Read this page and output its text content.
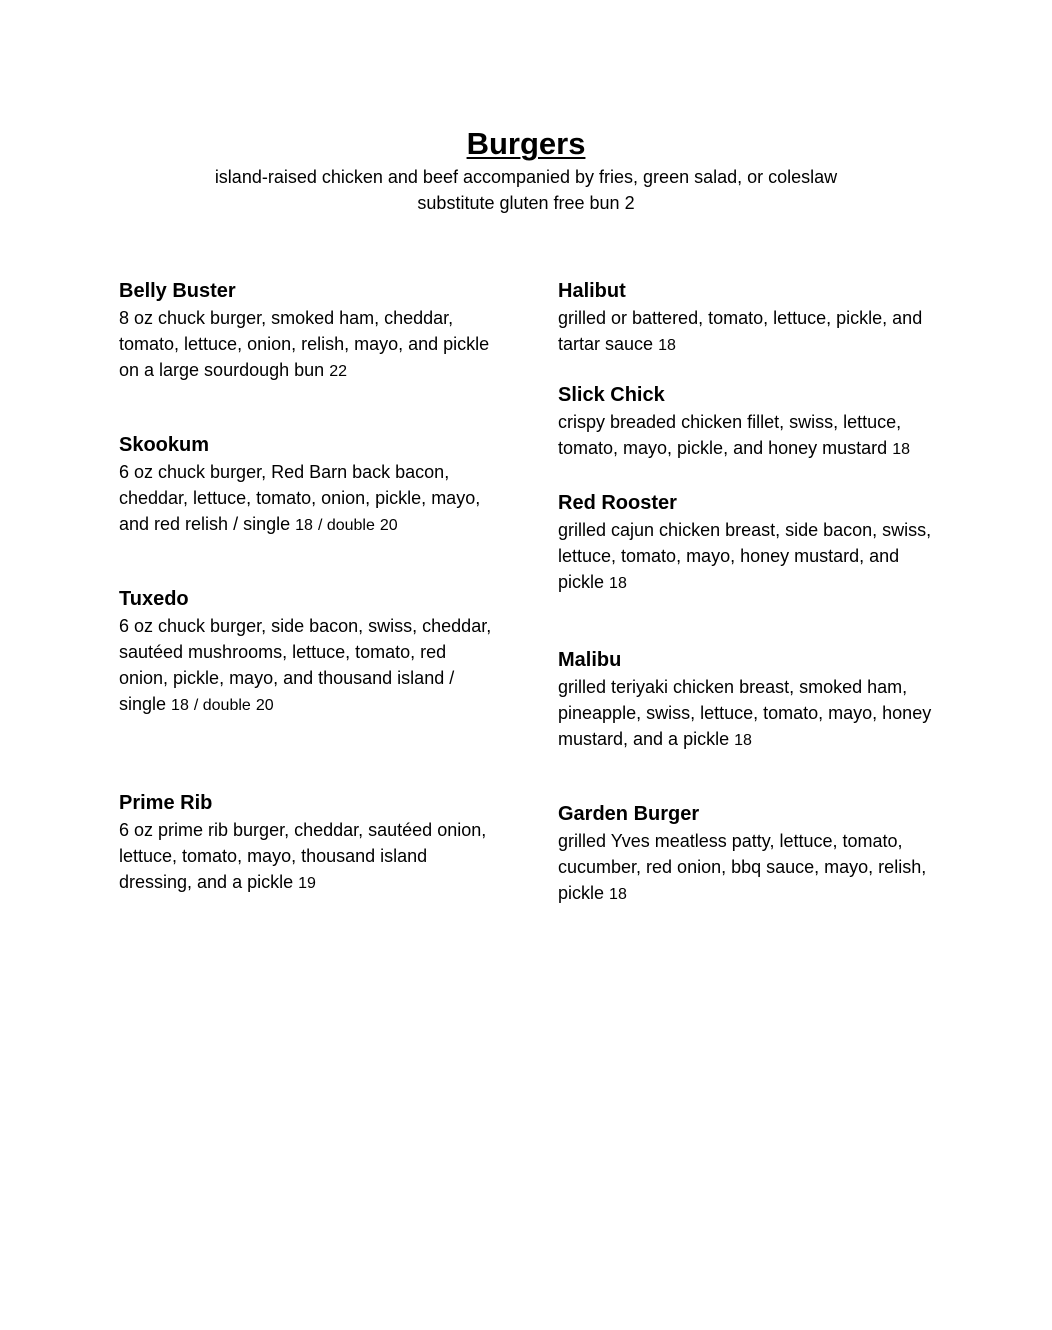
Burgers
island-raised chicken and beef accompanied by fries, green salad, or coleslaw
substitute gluten free bun 2
Belly Buster
8 oz chuck burger, smoked ham, cheddar, tomato, lettuce, onion, relish, mayo, and pickle on a large sourdough bun 22
Skookum
6 oz chuck burger, Red Barn back bacon, cheddar, lettuce, tomato, onion, pickle, mayo, and red relish / single 18 / double 20
Tuxedo
6 oz chuck burger, side bacon, swiss, cheddar, sautéed mushrooms, lettuce, tomato, red onion, pickle, mayo, and thousand island / single 18 / double 20
Prime Rib
6 oz prime rib burger, cheddar, sautéed onion, lettuce, tomato, mayo, thousand island dressing, and a pickle 19
Halibut
grilled or battered, tomato, lettuce, pickle, and tartar sauce 18
Slick Chick
crispy breaded chicken fillet, swiss, lettuce, tomato, mayo, pickle, and honey mustard 18
Red Rooster
grilled cajun chicken breast, side bacon, swiss, lettuce, tomato, mayo, honey mustard, and pickle 18
Malibu
grilled teriyaki chicken breast, smoked ham, pineapple, swiss, lettuce, tomato, mayo, honey mustard, and a pickle 18
Garden Burger
grilled Yves meatless patty, lettuce, tomato, cucumber, red onion, bbq sauce, mayo, relish, pickle 18
